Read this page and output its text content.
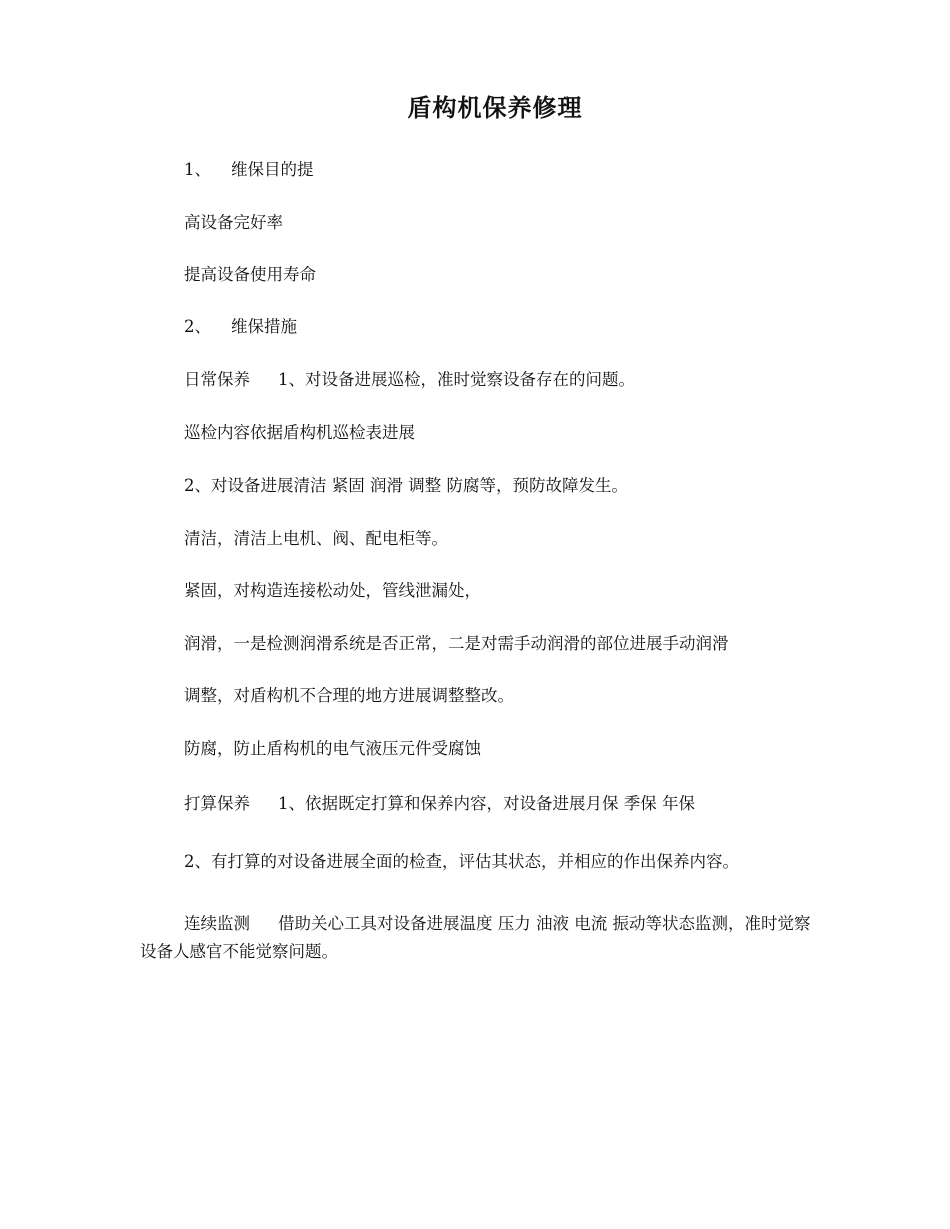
盾构机保养修理
1、 维保目的提
高设备完好率
提高设备使用寿命
2、 维保措施
日常保养 1、对设备进展巡检，准时觉察设备存在的问题。
巡检内容依据盾构机巡检表进展
2、对设备进展清洁 紧固 润滑 调整 防腐等，预防故障发生。
清洁，清洁上电机、阀、配电柜等。
紧固，对构造连接松动处，管线泄漏处，
润滑，一是检测润滑系统是否正常，二是对需手动润滑的部位进展手动润滑
调整，对盾构机不合理的地方进展调整整改。
防腐，防止盾构机的电气液压元件受腐蚀
打算保养 1、依据既定打算和保养内容，对设备进展月保 季保 年保
2、有打算的对设备进展全面的检查，评估其状态，并相应的作出保养内容。
连续监测 借助关心工具对设备进展温度 压力 油液 电流 振动等状态监测，准时觉察设备人感官不能觉察问题。
